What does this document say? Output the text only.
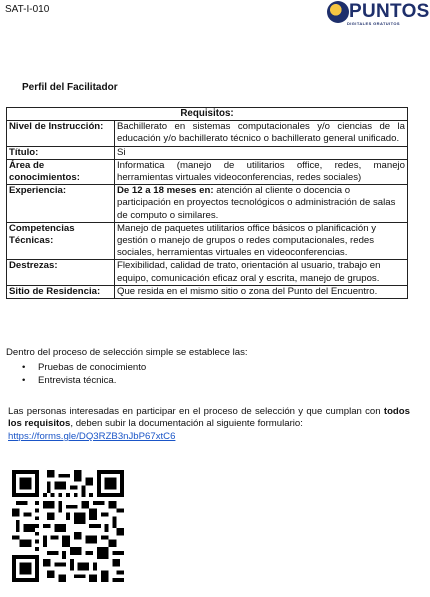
SAT-I-010	PUNTOS
DIGITALES GRATUITOS
Perfil del Facilitador
Requisitos:	
Nivel de Instrucción:	Bachillerato en sistemas computacionales y/o ciencias de la educación y/o bachillerato técnico o bachillerato general unificado.
Título:	Si
Área de conocimientos:	Informatica (manejo de utilitarios office, redes, manejo herramientas virtuales videoconferencias, redes sociales)
Experiencia:	De 12 a 18 meses en: atención al cliente o docencia o participación en proyectos tecnológicos o administración de salas de computo o similares.
Competencias Técnicas:	Manejo de paquetes utilitarios office básicos o planificación y gestión o manejo de grupos o redes computacionales, redes sociales, herramientas virtuales en videoconferencias.
Destrezas:	Flexibilidad, calidad de trato, orientación al usuario, trabajo en equipo, comunicación eficaz oral y escrita, manejo de grupos.
Sitio de Residencia:	Que resida en el mismo sitio o zona del Punto del Encuentro.
Dentro del proceso de selección simple se establece las:
• Pruebas de conocimiento
• Entrevista técnica.
Las personas interesadas en participar en el proceso de selección y que cumplan con todos los requisitos, deben subir la documentación al siguiente formulario:
https://forms.gle/DQ3RZB3nJbP67xtC6
